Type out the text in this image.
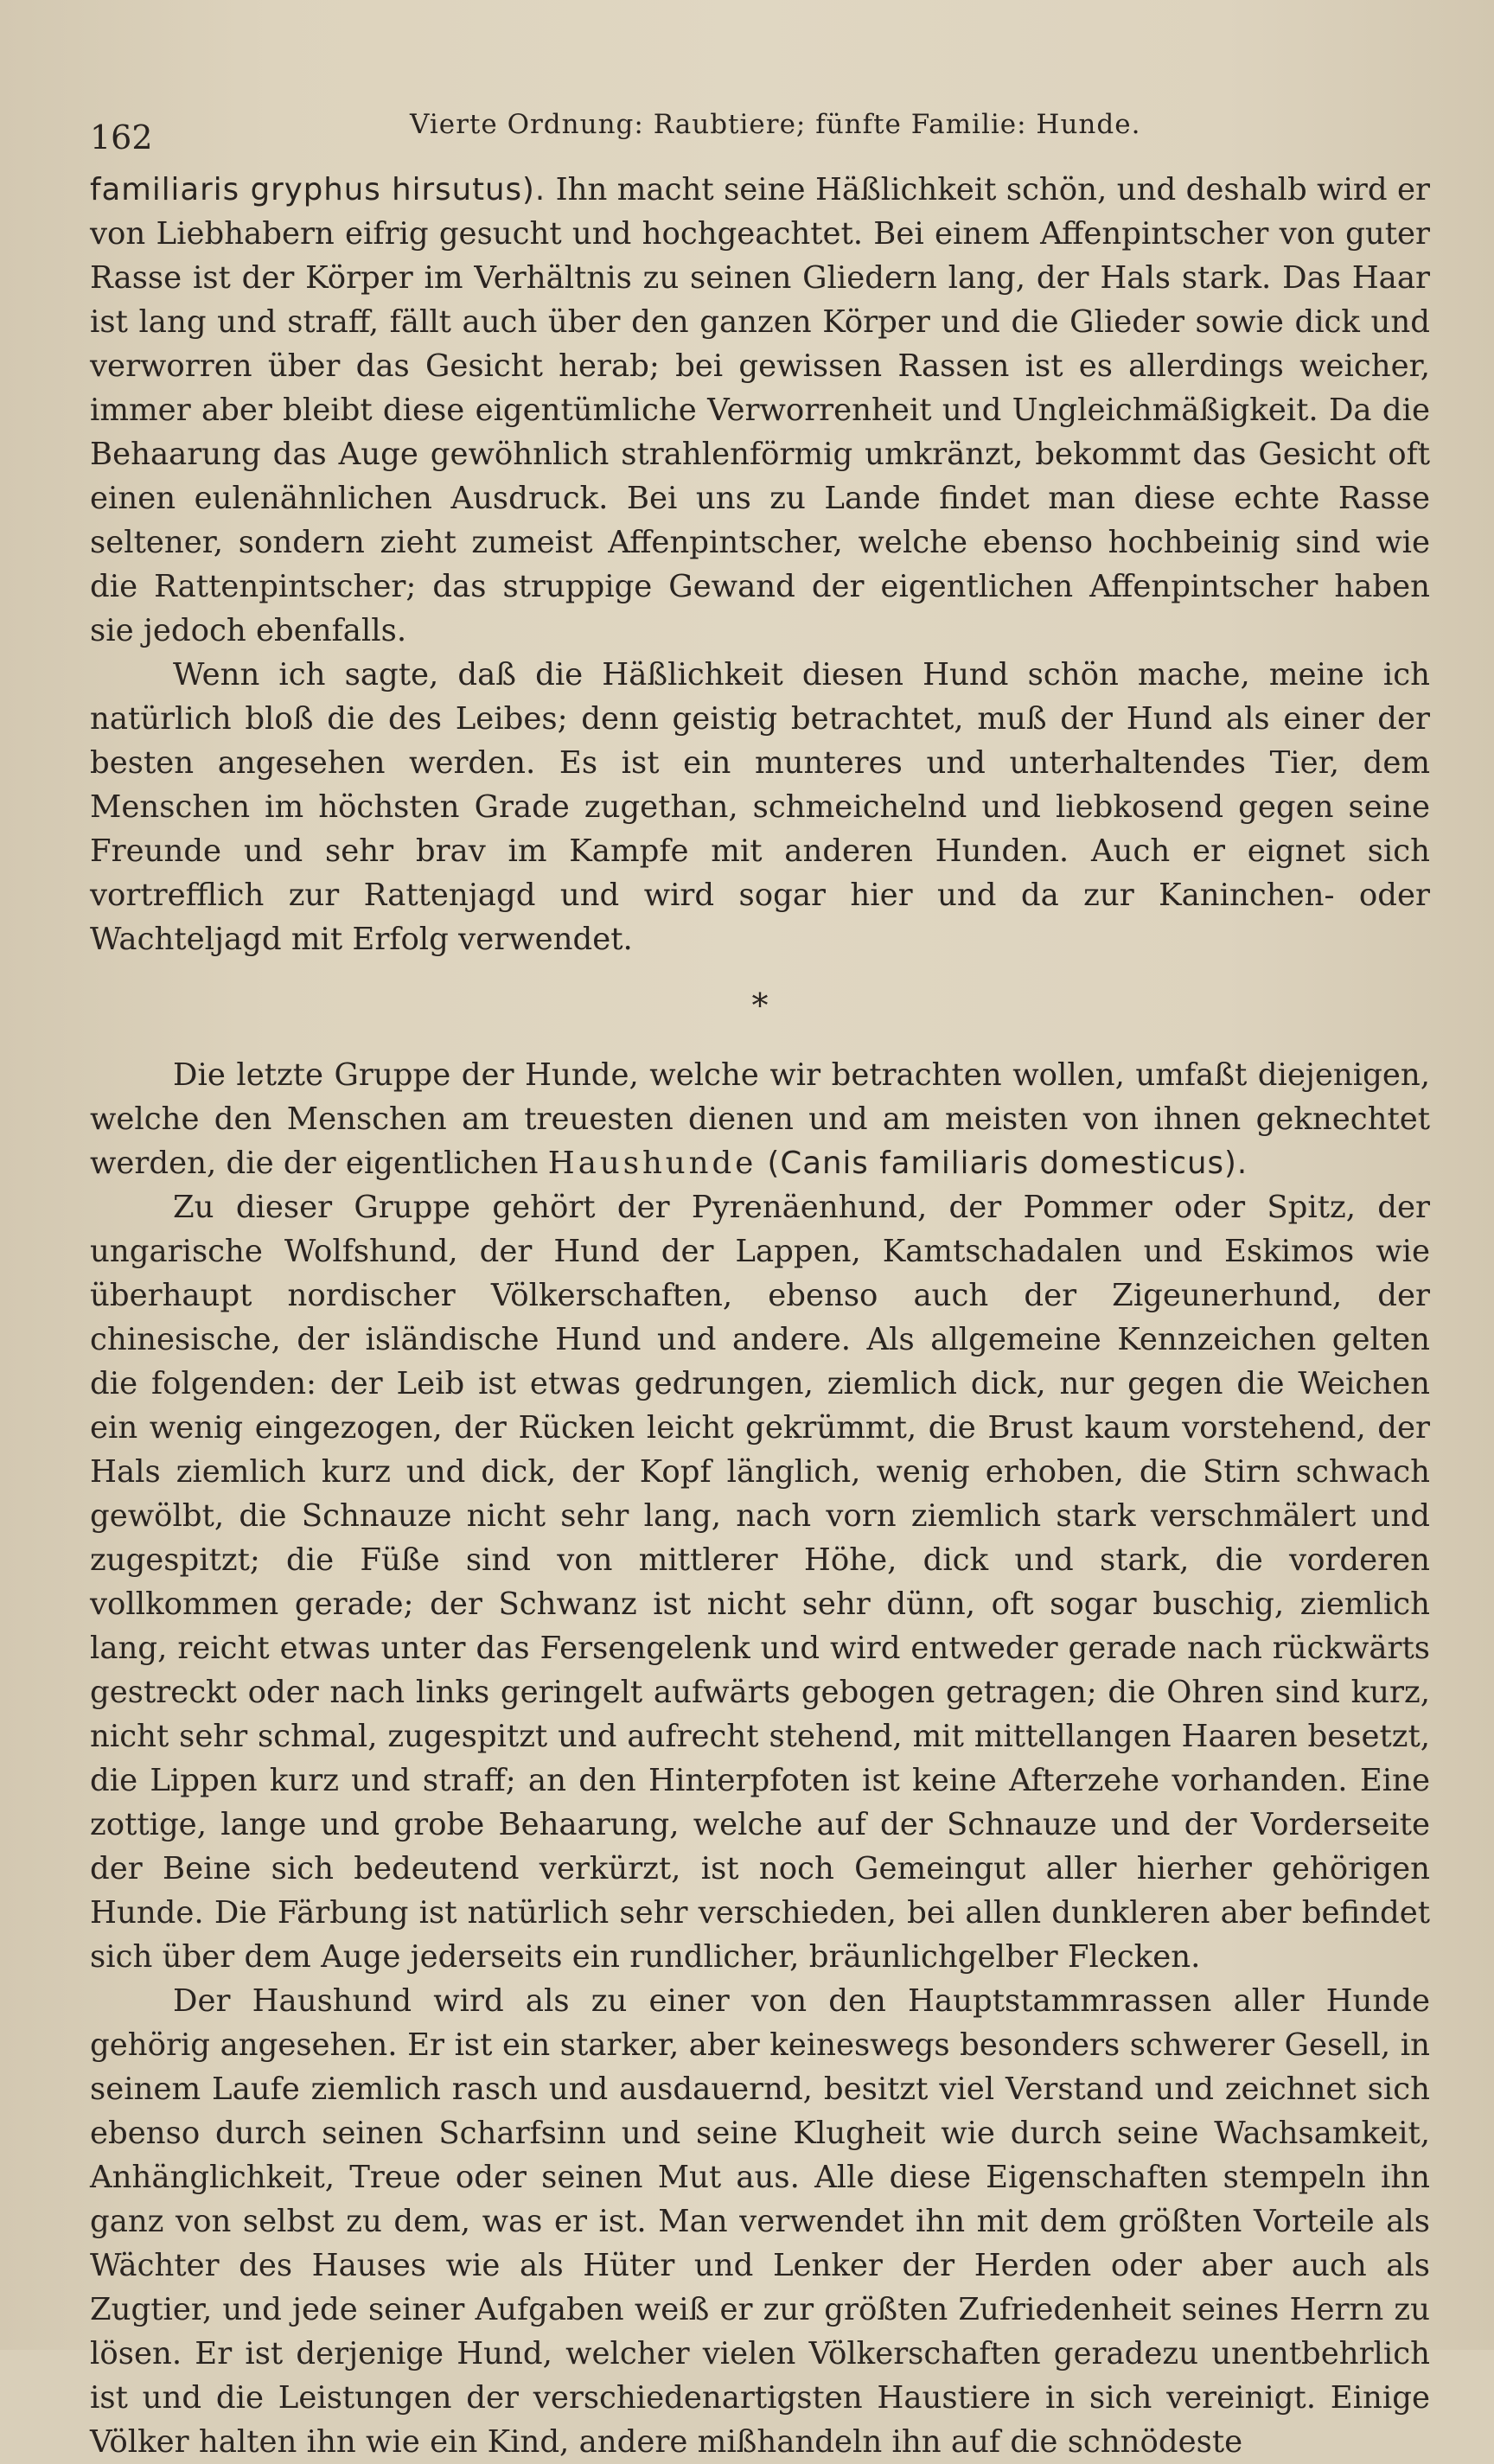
162	Vierte Ordnung: Raubtiere; fünfte Familie: Hunde.

familiaris gryphus hirsutus). Ihn macht seine Häßlichkeit schön, und deshalb wird er von Liebhabern eifrig gesucht und hochgeachtet. Bei einem Affenpintscher von guter Rasse ist der Körper im Verhältnis zu seinen Gliedern lang, der Hals stark. Das Haar ist lang und straff, fällt auch über den ganzen Körper und die Glieder sowie dick und verworren über das Gesicht herab; bei gewissen Rassen ist es allerdings weicher, immer aber bleibt diese eigentümliche Verworrenheit und Ungleichmäßigkeit. Da die Behaarung das Auge gewöhnlich strahlenförmig umkränzt, bekommt das Gesicht oft einen eulenähnlichen Ausdruck. Bei uns zu Lande findet man diese echte Rasse seltener, sondern zieht zumeist Affenpintscher, welche ebenso hochbeinig sind wie die Rattenpintscher; das struppige Gewand der eigentlichen Affenpintscher haben sie jedoch ebenfalls.

Wenn ich sagte, daß die Häßlichkeit diesen Hund schön mache, meine ich natürlich bloß die des Leibes; denn geistig betrachtet, muß der Hund als einer der besten angesehen werden. Es ist ein munteres und unterhaltendes Tier, dem Menschen im höchsten Grade zugethan, schmeichelnd und liebkosend gegen seine Freunde und sehr brav im Kampfe mit anderen Hunden. Auch er eignet sich vortrefflich zur Rattenjagd und wird sogar hier und da zur Kaninchen- oder Wachteljagd mit Erfolg verwendet.

*

Die letzte Gruppe der Hunde, welche wir betrachten wollen, umfaßt diejenigen, welche den Menschen am treuesten dienen und am meisten von ihnen geknechtet werden, die der eigentlichen Haushunde (Canis familiaris domesticus).

Zu dieser Gruppe gehört der Pyrenäenhund, der Pommer oder Spitz, der ungarische Wolfshund, der Hund der Lappen, Kamtschadalen und Eskimos wie überhaupt nordischer Völkerschaften, ebenso auch der Zigeunerhund, der chinesische, der isländische Hund und andere. Als allgemeine Kennzeichen gelten die folgenden: der Leib ist etwas gedrungen, ziemlich dick, nur gegen die Weichen ein wenig eingezogen, der Rücken leicht gekrümmt, die Brust kaum vorstehend, der Hals ziemlich kurz und dick, der Kopf länglich, wenig erhoben, die Stirn schwach gewölbt, die Schnauze nicht sehr lang, nach vorn ziemlich stark verschmälert und zugespitzt; die Füße sind von mittlerer Höhe, dick und stark, die vorderen vollkommen gerade; der Schwanz ist nicht sehr dünn, oft sogar buschig, ziemlich lang, reicht etwas unter das Fersengelenk und wird entweder gerade nach rückwärts gestreckt oder nach links geringelt aufwärts gebogen getragen; die Ohren sind kurz, nicht sehr schmal, zugespitzt und aufrecht stehend, mit mittellangen Haaren besetzt, die Lippen kurz und straff; an den Hinterpfoten ist keine Afterzehe vorhanden. Eine zottige, lange und grobe Behaarung, welche auf der Schnauze und der Vorderseite der Beine sich bedeutend verkürzt, ist noch Gemeingut aller hierher gehörigen Hunde. Die Färbung ist natürlich sehr verschieden, bei allen dunkleren aber befindet sich über dem Auge jederseits ein rundlicher, bräunlichgelber Flecken.

Der Haushund wird als zu einer von den Hauptstammrassen aller Hunde gehörig angesehen. Er ist ein starker, aber keineswegs besonders schwerer Gesell, in seinem Laufe ziemlich rasch und ausdauernd, besitzt viel Verstand und zeichnet sich ebenso durch seinen Scharfsinn und seine Klugheit wie durch seine Wachsamkeit, Anhänglichkeit, Treue oder seinen Mut aus. Alle diese Eigenschaften stempeln ihn ganz von selbst zu dem, was er ist. Man verwendet ihn mit dem größten Vorteile als Wächter des Hauses wie als Hüter und Lenker der Herden oder aber auch als Zugtier, und jede seiner Aufgaben weiß er zur größten Zufriedenheit seines Herrn zu lösen. Er ist derjenige Hund, welcher vielen Völkerschaften geradezu unentbehrlich ist und die Leistungen der verschiedenartigsten Haustiere in sich vereinigt. Einige Völker halten ihn wie ein Kind, andere mißhandeln ihn auf die schnödeste
